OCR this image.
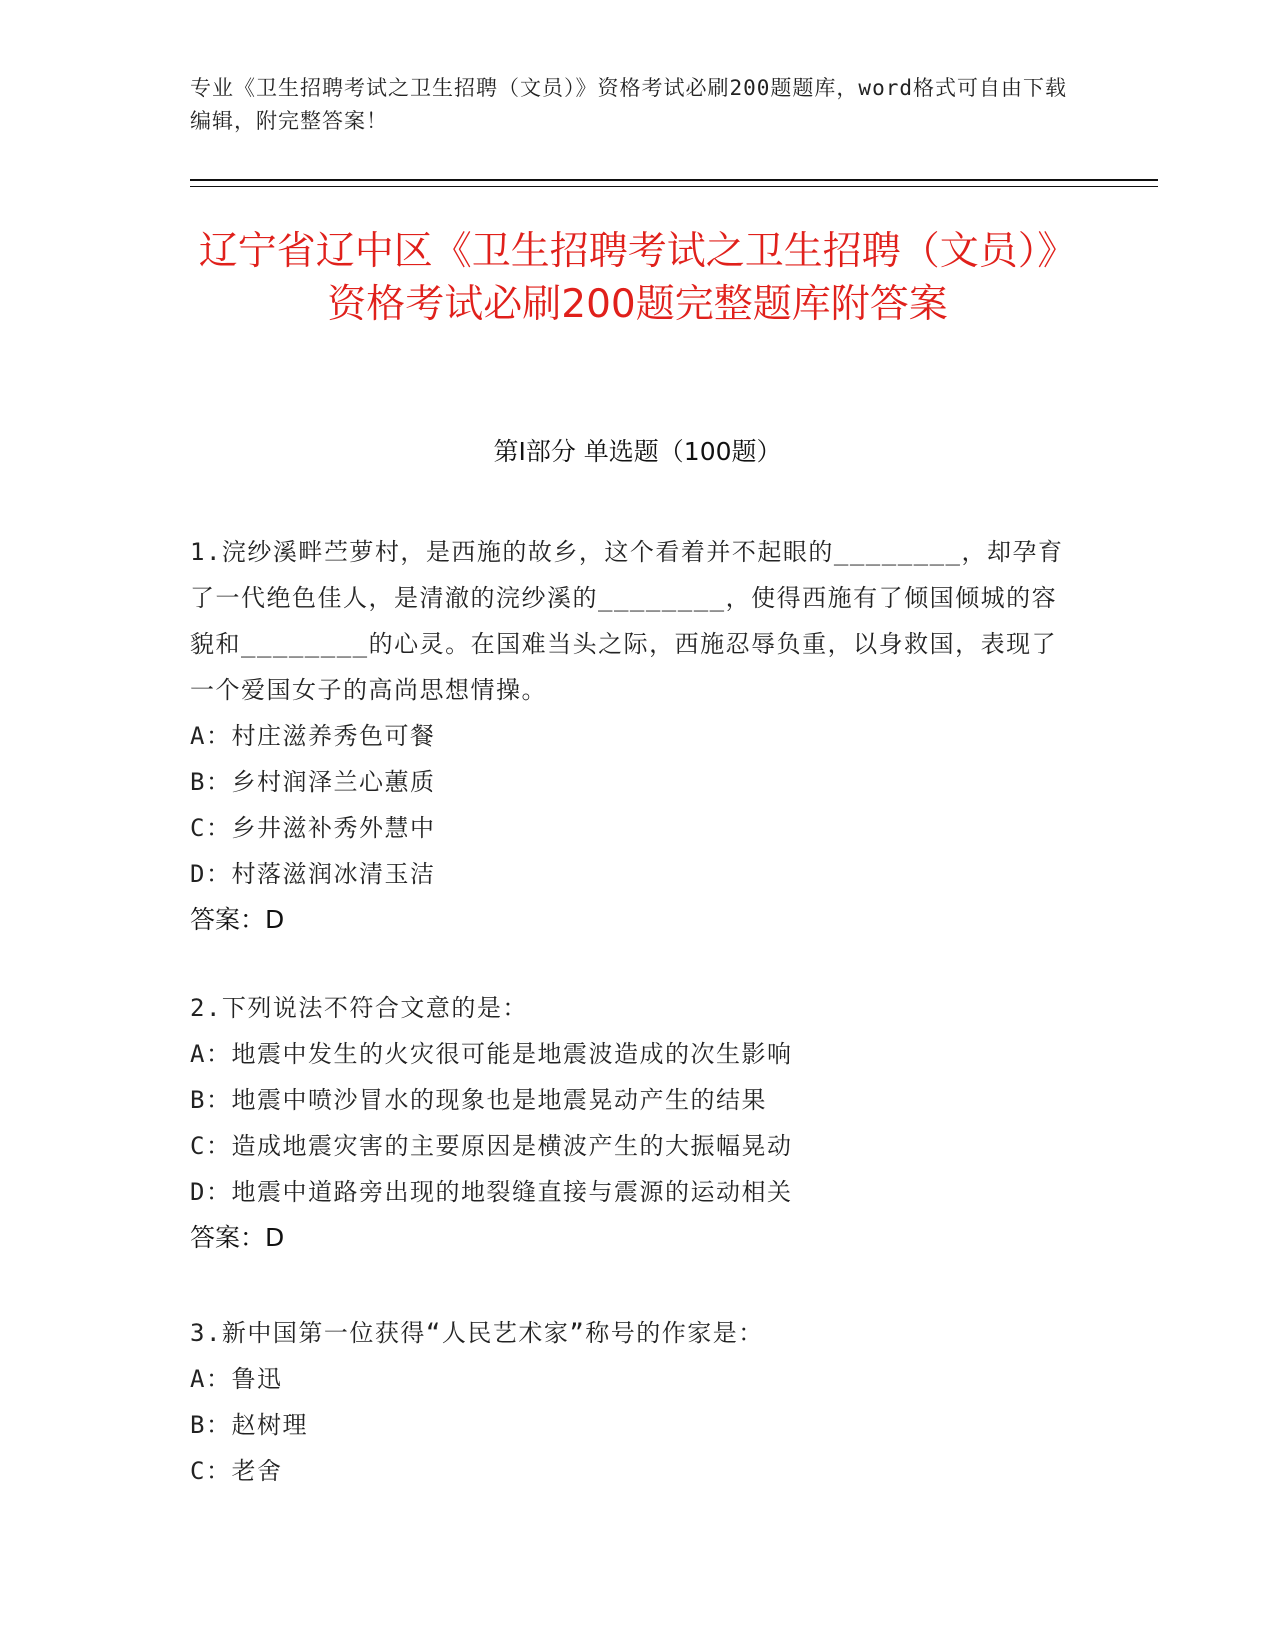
专业《卫生招聘考试之卫生招聘（文员）》资格考试必刷200题题库，word格式可自由下载编辑，附完整答案！
辽宁省辽中区《卫生招聘考试之卫生招聘（文员）》资格考试必刷200题完整题库附答案
第Ⅰ部分 单选题（100题）
1.浣纱溪畔苎萝村，是西施的故乡，这个看着并不起眼的________，却孕育了一代绝色佳人，是清澈的浣纱溪的________，使得西施有了倾国倾城的容貌和________的心灵。在国难当头之际，西施忍辱负重，以身救国，表现了一个爱国女子的高尚思想情操。
A：村庄滋养秀色可餐
B：乡村润泽兰心蕙质
C：乡井滋补秀外慧中
D：村落滋润冰清玉洁
答案：D
2.下列说法不符合文意的是：
A：地震中发生的火灾很可能是地震波造成的次生影响
B：地震中喷沙冒水的现象也是地震晃动产生的结果
C：造成地震灾害的主要原因是横波产生的大振幅晃动
D：地震中道路旁出现的地裂缝直接与震源的运动相关
答案：D
3.新中国第一位获得“人民艺术家”称号的作家是：
A：鲁迅
B：赵树理
C：老舍
